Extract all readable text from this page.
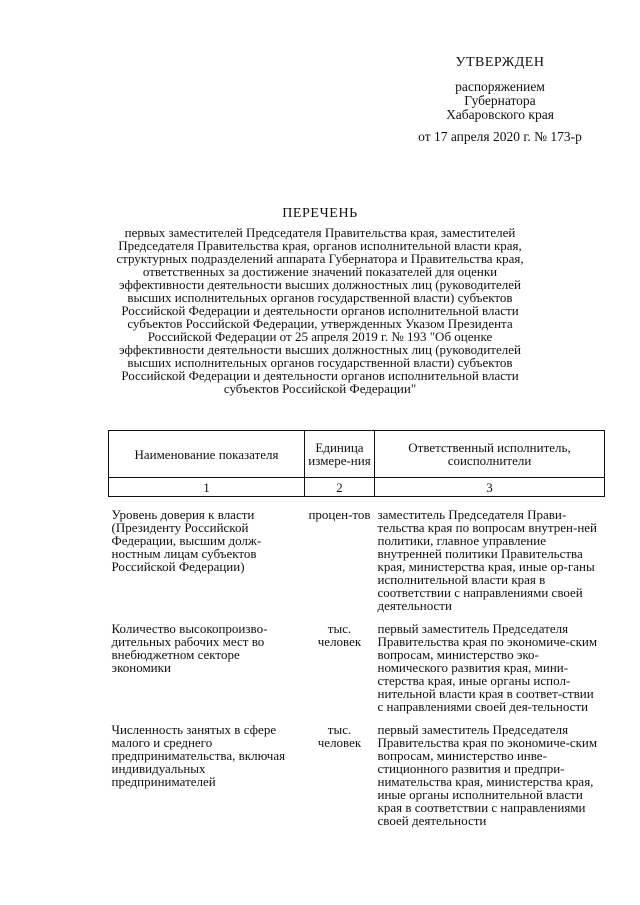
УТВЕРЖДЕН
распоряжением
Губернатора
Хабаровского края
от 17 апреля 2020 г. № 173-р
ПЕРЕЧЕНЬ
первых заместителей Председателя Правительства края, заместителей Председателя Правительства края, органов исполнительной власти края, структурных подразделений аппарата Губернатора и Правительства края, ответственных за достижение значений показателей для оценки эффективности деятельности высших должностных лиц (руководителей высших исполнительных органов государственной власти) субъектов Российской Федерации и деятельности органов исполнительной власти субъектов Российской Федерации, утвержденных Указом Президента Российской Федерации от 25 апреля 2019 г. № 193 "Об оценке эффективности деятельности высших должностных лиц (руководителей высших исполнительных органов государственной власти) субъектов Российской Федерации и деятельности органов исполнительной власти субъектов Российской Федерации"
Наименование показателя	Единица измере-ния	Ответственный исполнитель, соисполнители
1	2	3
Уровень доверия к власти (Президенту Российской Федерации, высшим долж-ностным лицам субъектов Российской Федерации)	процен-тов	заместитель Председателя Прави-тельства края по вопросам внутрен-ней политики, главное управление внутренней политики Правительства края, министерства края, иные ор-ганы исполнительной власти края в соответствии с направлениями своей деятельности
Количество высокопроизво-дительных рабочих мест во внебюджетном секторе экономики	тыс. человек	первый заместитель Председателя Правительства края по экономиче-ским вопросам, министерство эко-номического развития края, мини-стерства края, иные органы испол-нительной власти края в соответ-ствии с направлениями своей дея-тельности
Численность занятых в сфере малого и среднего предпринимательства, включая индивидуальных предпринимателей	тыс. человек	первый заместитель Председателя Правительства края по экономиче-ским вопросам, министерство инве-стиционного развития и предпри-нимательства края, министерства края, иные органы исполнительной власти края в соответствии с направлениями своей деятельности
